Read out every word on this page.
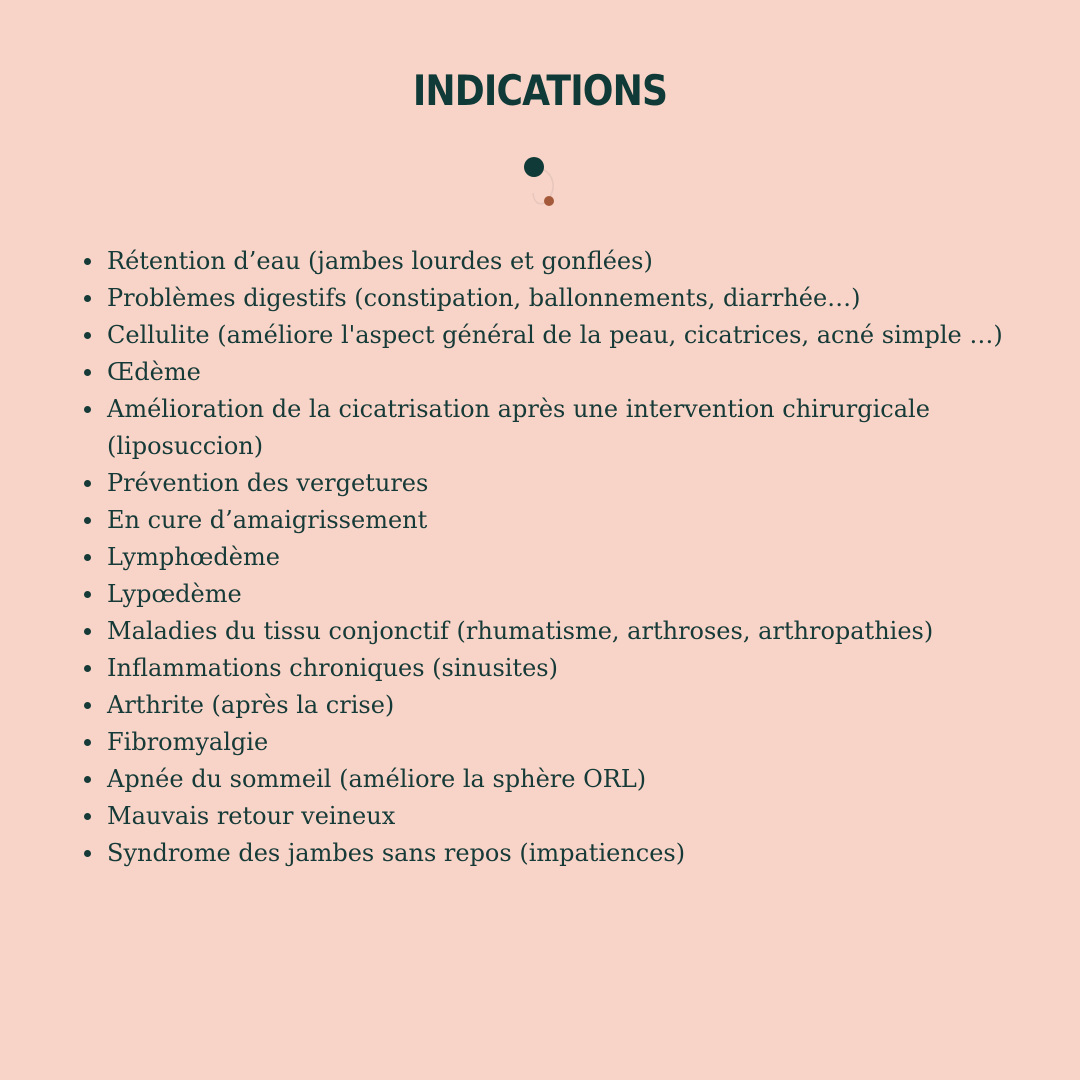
INDICATIONS
Rétention d’eau (jambes lourdes et gonflées)
Problèmes digestifs (constipation, ballonnements, diarrhée…)
Cellulite (améliore l'aspect général de la peau, cicatrices, acné simple …)
Œdème
Amélioration de la cicatrisation après une intervention chirurgicale (liposuccion)
Prévention des vergetures
En cure d’amaigrissement
Lymphœdème
Lypœdème
Maladies du tissu conjonctif (rhumatisme, arthroses, arthropathies)
Inflammations chroniques (sinusites)
Arthrite (après la crise)
Fibromyalgie
Apnée du sommeil (améliore la sphère ORL)
Mauvais retour veineux
Syndrome des jambes sans repos (impatiences)
